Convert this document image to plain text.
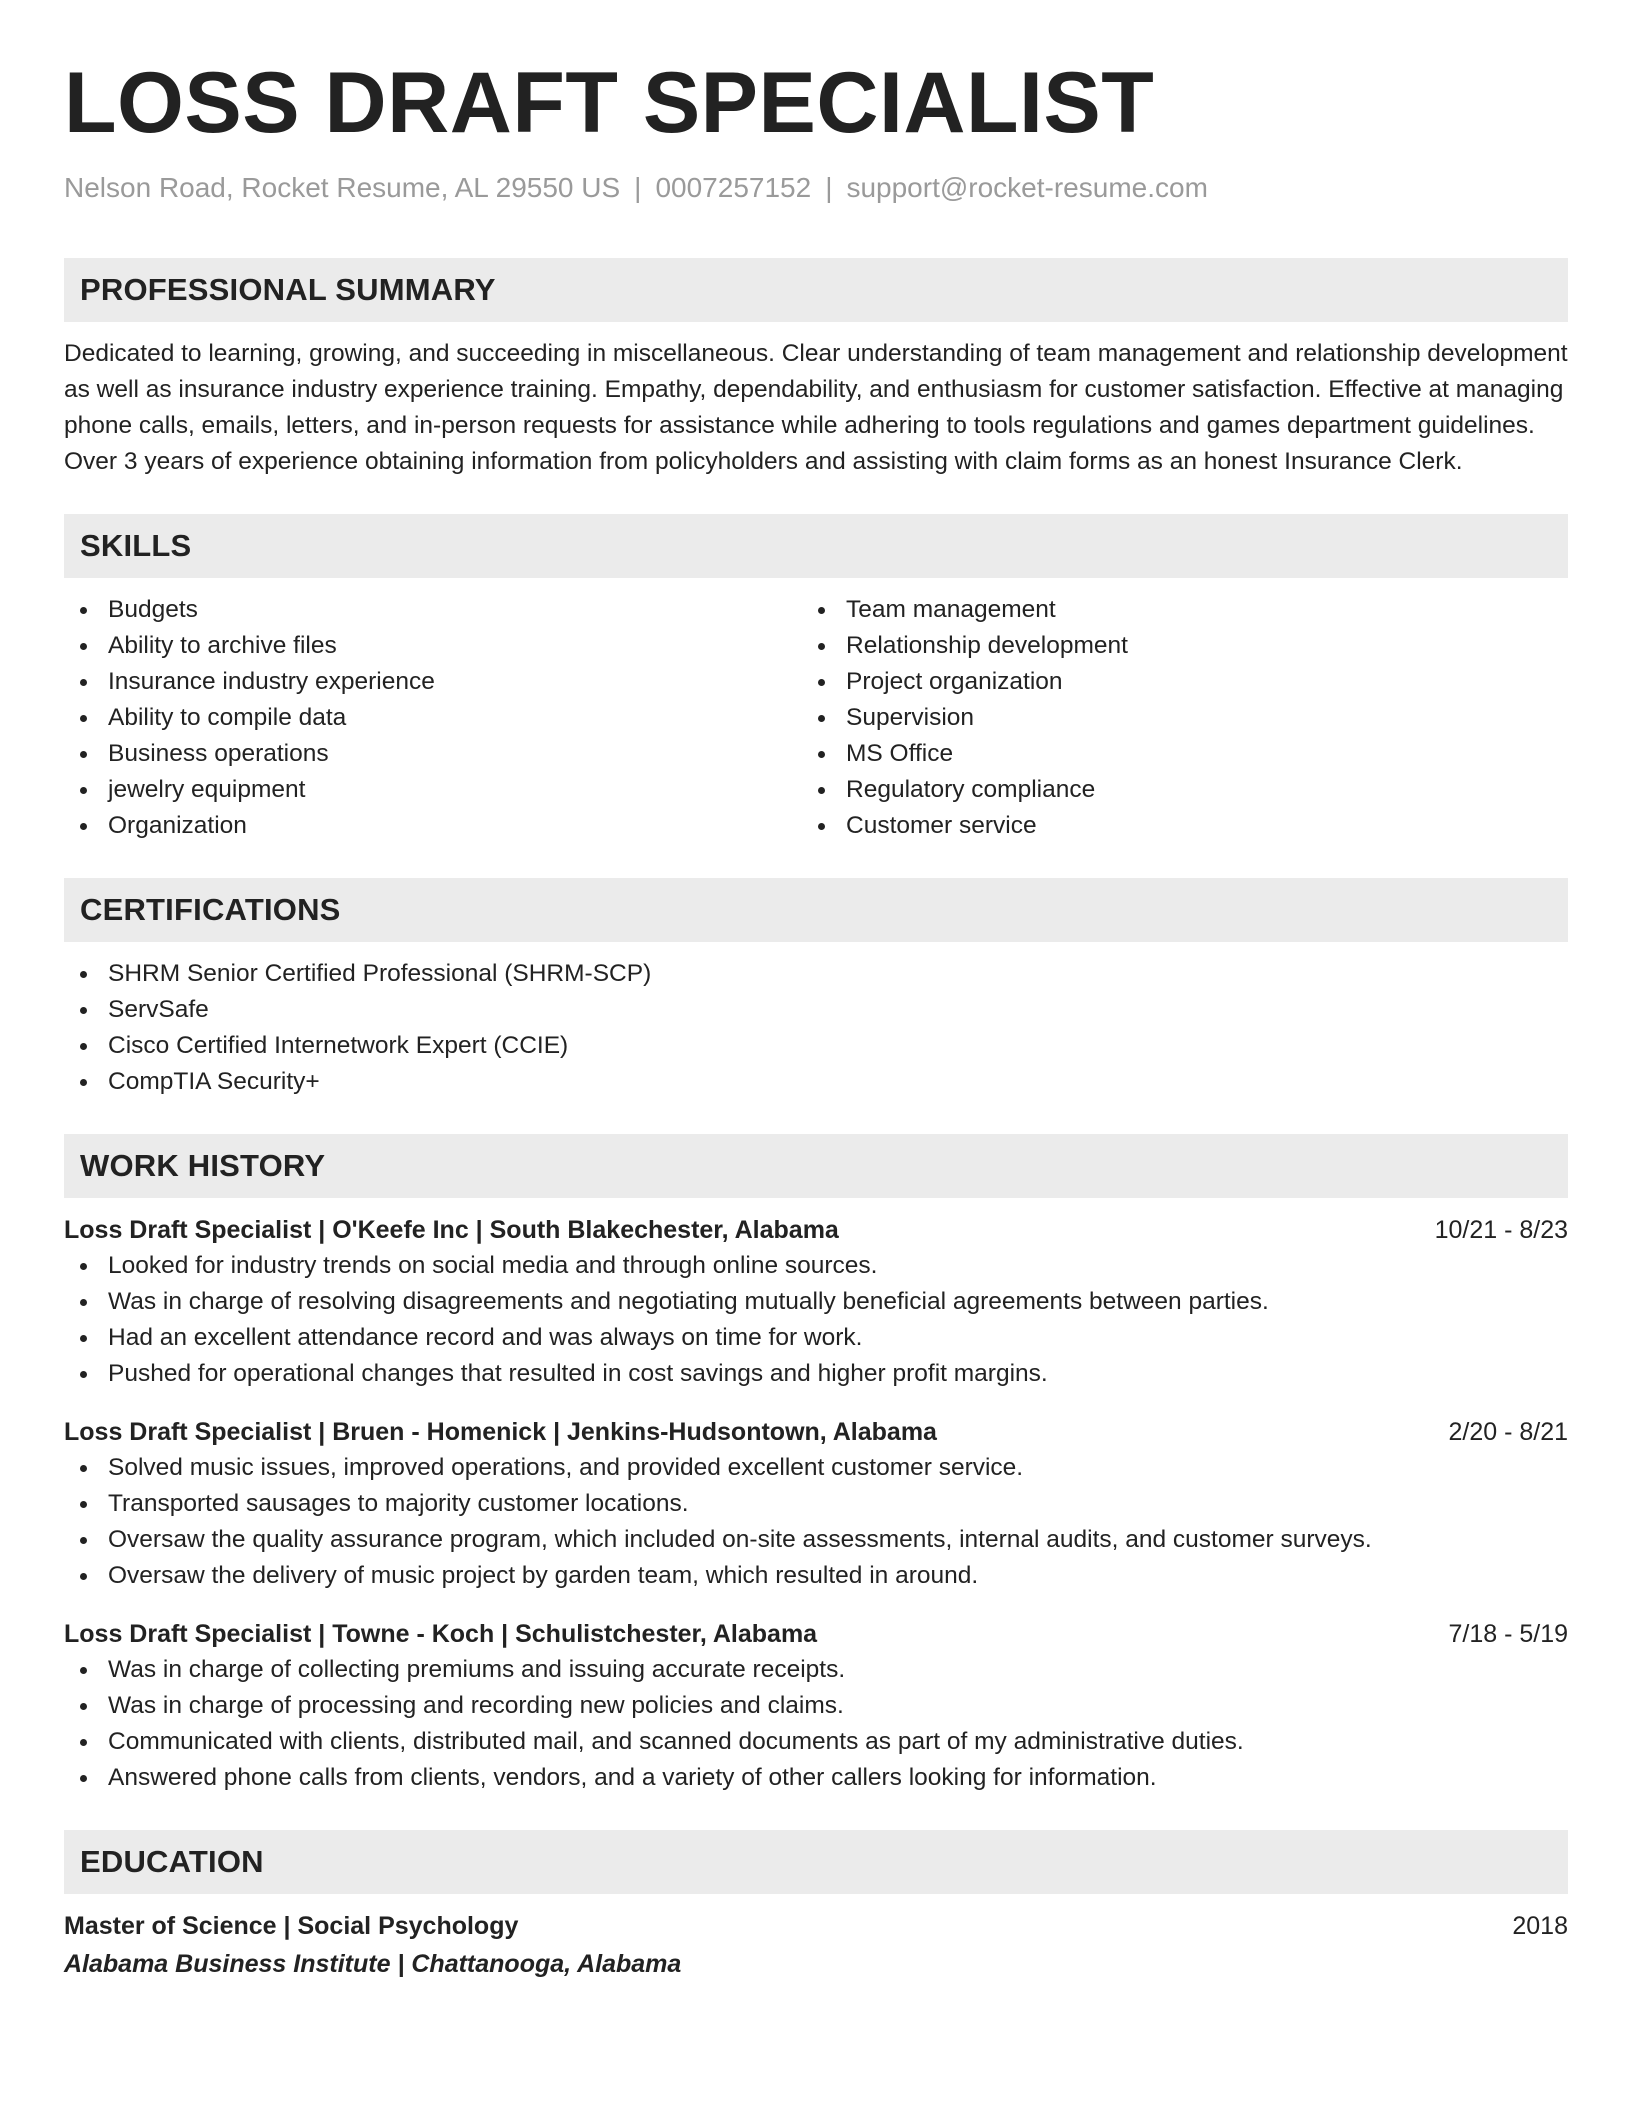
LOSS DRAFT SPECIALIST
Nelson Road, Rocket Resume, AL 29550 US | 0007257152 | support@rocket-resume.com
PROFESSIONAL SUMMARY
Dedicated to learning, growing, and succeeding in miscellaneous. Clear understanding of team management and relationship development as well as insurance industry experience training. Empathy, dependability, and enthusiasm for customer satisfaction. Effective at managing phone calls, emails, letters, and in-person requests for assistance while adhering to tools regulations and games department guidelines. Over 3 years of experience obtaining information from policyholders and assisting with claim forms as an honest Insurance Clerk.
SKILLS
Budgets
Ability to archive files
Insurance industry experience
Ability to compile data
Business operations
jewelry equipment
Organization
Team management
Relationship development
Project organization
Supervision
MS Office
Regulatory compliance
Customer service
CERTIFICATIONS
SHRM Senior Certified Professional (SHRM-SCP)
ServSafe
Cisco Certified Internetwork Expert (CCIE)
CompTIA Security+
WORK HISTORY
Loss Draft Specialist | O'Keefe Inc | South Blakechester, Alabama	10/21 - 8/23
Looked for industry trends on social media and through online sources.
Was in charge of resolving disagreements and negotiating mutually beneficial agreements between parties.
Had an excellent attendance record and was always on time for work.
Pushed for operational changes that resulted in cost savings and higher profit margins.
Loss Draft Specialist | Bruen - Homenick | Jenkins-Hudsontown, Alabama	2/20 - 8/21
Solved music issues, improved operations, and provided excellent customer service.
Transported sausages to majority customer locations.
Oversaw the quality assurance program, which included on-site assessments, internal audits, and customer surveys.
Oversaw the delivery of music project by garden team, which resulted in around.
Loss Draft Specialist | Towne - Koch | Schulistchester, Alabama	7/18 - 5/19
Was in charge of collecting premiums and issuing accurate receipts.
Was in charge of processing and recording new policies and claims.
Communicated with clients, distributed mail, and scanned documents as part of my administrative duties.
Answered phone calls from clients, vendors, and a variety of other callers looking for information.
EDUCATION
Master of Science | Social Psychology	2018
Alabama Business Institute | Chattanooga, Alabama
